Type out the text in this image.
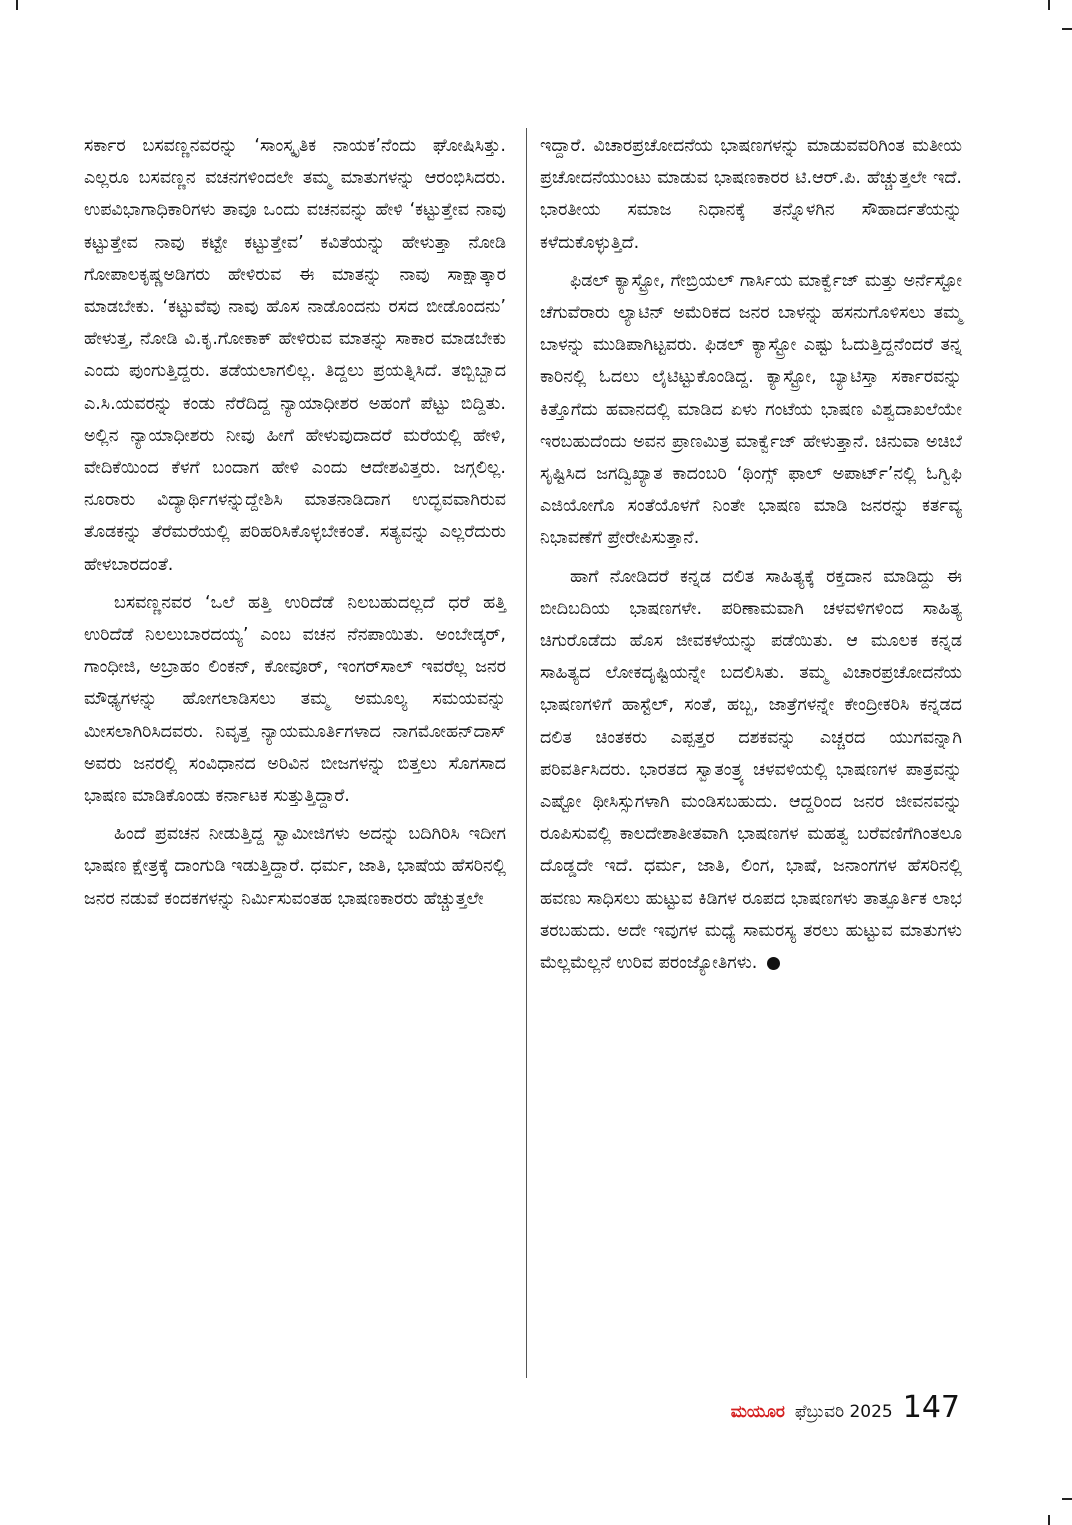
ಸರ್ಕಾರ ಬಸವಣ್ಣನವರನ್ನು ‘ಸಾಂಸ್ಕೃತಿಕ ನಾಯಕ’ನೆಂದು ಘೋಷಿಸಿತ್ತು. ಎಲ್ಲರೂ ಬಸವಣ್ಣನ ವಚನಗಳಿಂದಲೇ ತಮ್ಮ ಮಾತುಗಳನ್ನು ಆರಂಭಿಸಿದರು. ಉಪವಿಭಾಗಾಧಿಕಾರಿಗಳು ತಾವೂ ಒಂದು ವಚನವನ್ನು ಹೇಳಿ ‘ಕಟ್ಟುತ್ತೇವ ನಾವು ಕಟ್ಟುತ್ತೇವ ನಾವು ಕಟ್ಟೇ ಕಟ್ಟುತ್ತೇವ’ ಕವಿತೆಯನ್ನು ಹೇಳುತ್ತಾ ನೋಡಿ ಗೋಪಾಲಕೃಷ್ಣಅಡಿಗರು ಹೇಳಿರುವ ಈ ಮಾತನ್ನು ನಾವು ಸಾಕ್ಷಾತ್ಕಾರ ಮಾಡಬೇಕು. ‘ಕಟ್ಟುವೆವು ನಾವು ಹೊಸ ನಾಡೊಂದನು ರಸದ ಬೀಡೊಂದನು’ ಹೇಳುತ್ತ, ನೋಡಿ ವಿ.ಕೃ.ಗೋಕಾಕ್ ಹೇಳಿರುವ ಮಾತನ್ನು ಸಾಕಾರ ಮಾಡಬೇಕು ಎಂದು ಪುಂಗುತ್ತಿದ್ದರು. ತಡೆಯಲಾಗಲಿಲ್ಲ. ತಿದ್ದಲು ಪ್ರಯತ್ನಿಸಿದೆ. ತಬ್ಬಿಬ್ಬಾದ ಎ.ಸಿ.ಯವರನ್ನು ಕಂಡು ನೆರೆದಿದ್ದ ನ್ಯಾಯಾಧೀಶರ ಅಹಂಗೆ ಪೆಟ್ಟು ಬಿದ್ದಿತು. ಅಲ್ಲಿನ ನ್ಯಾಯಾಧೀಶರು ನೀವು ಹೀಗೆ ಹೇಳುವುದಾದರೆ ಮರೆಯಲ್ಲಿ ಹೇಳಿ, ವೇದಿಕೆಯಿಂದ ಕೆಳಗೆ ಬಂದಾಗ ಹೇಳಿ ಎಂದು ಆದೇಶವಿತ್ತರು. ಜಗ್ಗಲಿಲ್ಲ. ನೂರಾರು ವಿದ್ಯಾರ್ಥಿಗಳನ್ನುದ್ದೇಶಿಸಿ ಮಾತನಾಡಿದಾಗ ಉದ್ಭವವಾಗಿರುವ ತೊಡಕನ್ನು ತೆರೆಮರೆಯಲ್ಲಿ ಪರಿಹರಿಸಿಕೊಳ್ಳಬೇಕಂತೆ. ಸತ್ಯವನ್ನು ಎಲ್ಲರೆದುರು ಹೇಳಬಾರದಂತೆ.

ಬಸವಣ್ಣನವರ ‘ಒಲೆ ಹತ್ತಿ ಉರಿದೆಡೆ ನಿಲಬಹುದಲ್ಲದೆ ಧರೆ ಹತ್ತಿ ಉರಿದೆಡೆ ನಿಲಲುಬಾರದಯ್ಯ’ ಎಂಬ ವಚನ ನೆನಪಾಯಿತು. ಅಂಬೇಡ್ಕರ್, ಗಾಂಧೀಜಿ, ಅಬ್ರಾಹಂ ಲಿಂಕನ್, ಕೋವೂರ್, ಇಂಗರ್‌ಸಾಲ್ ಇವರೆಲ್ಲ ಜನರ ಮೌಢ್ಯಗಳನ್ನು ಹೋಗಲಾಡಿಸಲು ತಮ್ಮ ಅಮೂಲ್ಯ ಸಮಯವನ್ನು ಮೀಸಲಾಗಿರಿಸಿದವರು. ನಿವೃತ್ತ ನ್ಯಾಯಮೂರ್ತಿಗಳಾದ ನಾಗಮೋಹನ್‌ದಾಸ್ ಅವರು ಜನರಲ್ಲಿ ಸಂವಿಧಾನದ ಅರಿವಿನ ಬೀಜಗಳನ್ನು ಬಿತ್ತಲು ಸೊಗಸಾದ ಭಾಷಣ ಮಾಡಿಕೊಂಡು ಕರ್ನಾಟಕ ಸುತ್ತುತ್ತಿದ್ದಾರೆ.

ಹಿಂದೆ ಪ್ರವಚನ ನೀಡುತ್ತಿದ್ದ ಸ್ವಾಮೀಜಿಗಳು ಅದನ್ನು ಬದಿಗಿರಿಸಿ ಇದೀಗ ಭಾಷಣ ಕ್ಷೇತ್ರಕ್ಕೆ ದಾಂಗುಡಿ ಇಡುತ್ತಿದ್ದಾರೆ. ಧರ್ಮ, ಜಾತಿ, ಭಾಷೆಯ ಹೆಸರಿನಲ್ಲಿ ಜನರ ನಡುವೆ ಕಂದಕಗಳನ್ನು ನಿರ್ಮಿಸುವಂತಹ ಭಾಷಣಕಾರರು ಹೆಚ್ಚುತ್ತಲೇ

ಇದ್ದಾರೆ. ವಿಚಾರಪ್ರಚೋದನೆಯ ಭಾಷಣಗಳನ್ನು ಮಾಡುವವರಿಗಿಂತ ಮತೀಯ ಪ್ರಚೋದನೆಯುಂಟು ಮಾಡುವ ಭಾಷಣಕಾರರ ಟಿ.ಆರ್.ಪಿ. ಹೆಚ್ಚುತ್ತಲೇ ಇದೆ. ಭಾರತೀಯ ಸಮಾಜ ನಿಧಾನಕ್ಕೆ ತನ್ನೊಳಗಿನ ಸೌಹಾರ್ದತೆಯನ್ನು ಕಳೆದುಕೊಳ್ಳುತ್ತಿದೆ.

ಫಿಡಲ್ ಕ್ಯಾಸ್ಟ್ರೋ, ಗೇಬ್ರಿಯಲ್ ಗಾರ್ಸಿಯ ಮಾರ್ಕ್ವೆಜ್ ಮತ್ತು ಅರ್ನೆಸ್ಟೋ ಚೆಗುವೆರಾರು ಲ್ಯಾಟಿನ್ ಅಮೆರಿಕದ ಜನರ ಬಾಳನ್ನು ಹಸನುಗೊಳಿಸಲು ತಮ್ಮ ಬಾಳನ್ನು ಮುಡಿಪಾಗಿಟ್ಟವರು. ಫಿಡಲ್ ಕ್ಯಾಸ್ಟ್ರೋ ಎಷ್ಟು ಓದುತ್ತಿದ್ದನೆಂದರೆ ತನ್ನ ಕಾರಿನಲ್ಲಿ ಓದಲು ಲೈಟಿಟ್ಟುಕೊಂಡಿದ್ದ. ಕ್ಯಾಸ್ಟ್ರೋ, ಬ್ಯಾಟಿಸ್ತಾ ಸರ್ಕಾರವನ್ನು ಕಿತ್ತೊಗೆದು ಹವಾನದಲ್ಲಿ ಮಾಡಿದ ಏಳು ಗಂಟೆಯ ಭಾಷಣ ವಿಶ್ವದಾಖಲೆಯೇ ಇರಬಹುದೆಂದು ಅವನ ಪ್ರಾಣಮಿತ್ರ ಮಾರ್ಕ್ವೆಜ್ ಹೇಳುತ್ತಾನೆ. ಚಿನುವಾ ಅಚಿಬೆ ಸೃಷ್ಟಿಸಿದ ಜಗದ್ವಿಖ್ಯಾತ ಕಾದಂಬರಿ ‘ಥಿಂಗ್ಸ್ ಫಾಲ್ ಅಪಾರ್ಟ್’ನಲ್ಲಿ ಓಗ್ವಿಫಿ ಎಜಿಯೋಗೊ ಸಂತೆಯೊಳಗೆ ನಿಂತೇ ಭಾಷಣ ಮಾಡಿ ಜನರನ್ನು ಕರ್ತವ್ಯ ನಿಭಾವಣೆಗೆ ಪ್ರೇರೇಪಿಸುತ್ತಾನೆ.

ಹಾಗೆ ನೋಡಿದರೆ ಕನ್ನಡ ದಲಿತ ಸಾಹಿತ್ಯಕ್ಕೆ ರಕ್ತದಾನ ಮಾಡಿದ್ದು ಈ ಬೀದಿಬದಿಯ ಭಾಷಣಗಳೇ. ಪರಿಣಾಮವಾಗಿ ಚಳವಳಿಗಳಿಂದ ಸಾಹಿತ್ಯ ಚಿಗುರೊಡೆದು ಹೊಸ ಜೀವಕಳೆಯನ್ನು ಪಡೆಯಿತು. ಆ ಮೂಲಕ ಕನ್ನಡ ಸಾಹಿತ್ಯದ ಲೋಕದೃಷ್ಟಿಯನ್ನೇ ಬದಲಿಸಿತು. ತಮ್ಮ ವಿಚಾರಪ್ರಚೋದನೆಯ ಭಾಷಣಗಳಿಗೆ ಹಾಸ್ಟೆಲ್, ಸಂತೆ, ಹಬ್ಬ, ಜಾತ್ರೆಗಳನ್ನೇ ಕೇಂದ್ರೀಕರಿಸಿ ಕನ್ನಡದ ದಲಿತ ಚಿಂತಕರು ಎಪ್ಪತ್ತರ ದಶಕವನ್ನು ಎಚ್ಚರದ ಯುಗವನ್ನಾಗಿ ಪರಿವರ್ತಿಸಿದರು. ಭಾರತದ ಸ್ವಾತಂತ್ರ್ಯ ಚಳವಳಿಯಲ್ಲಿ ಭಾಷಣಗಳ ಪಾತ್ರವನ್ನು ಎಷ್ಟೋ ಥೀಸಿಸ್ಸುಗಳಾಗಿ ಮಂಡಿಸಬಹುದು. ಆದ್ದರಿಂದ ಜನರ ಜೀವನವನ್ನು ರೂಪಿಸುವಲ್ಲಿ ಕಾಲದೇಶಾತೀತವಾಗಿ ಭಾಷಣಗಳ ಮಹತ್ವ ಬರೆವಣಿಗೆಗಿಂತಲೂ ದೊಡ್ಡದೇ ಇದೆ. ಧರ್ಮ, ಜಾತಿ, ಲಿಂಗ, ಭಾಷೆ, ಜನಾಂಗಗಳ ಹೆಸರಿನಲ್ಲಿ ಹವಣು ಸಾಧಿಸಲು ಹುಟ್ಟುವ ಕಿಡಿಗಳ ರೂಪದ ಭಾಷಣಗಳು ತಾತ್ಪೂರ್ತಿಕ ಲಾಭ ತರಬಹುದು. ಅದೇ ಇವುಗಳ ಮಧ್ಯೆ ಸಾಮರಸ್ಯ ತರಲು ಹುಟ್ಟುವ ಮಾತುಗಳು ಮೆಲ್ಲಮೆಲ್ಲನೆ ಉರಿವ ಪರಂಜ್ಯೋತಿಗಳು.

ಮಯೂರ ಫೆಬ್ರುವರಿ 2025 147
